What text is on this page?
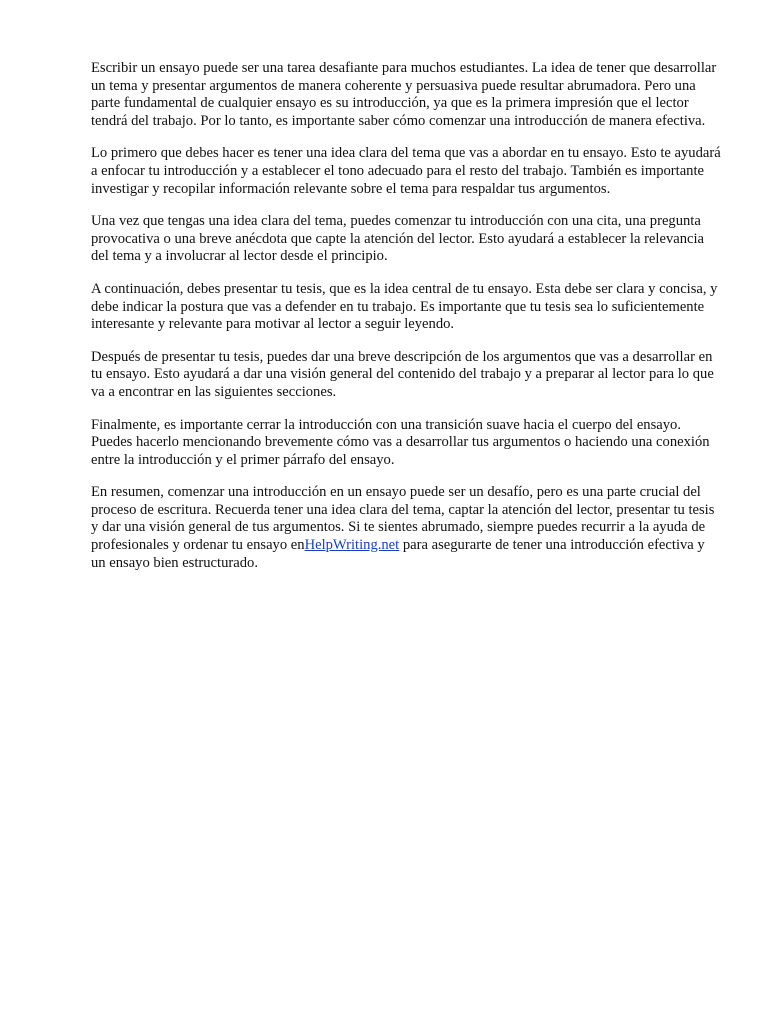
Escribir un ensayo puede ser una tarea desafiante para muchos estudiantes. La idea de tener que desarrollar un tema y presentar argumentos de manera coherente y persuasiva puede resultar abrumadora. Pero una parte fundamental de cualquier ensayo es su introducción, ya que es la primera impresión que el lector tendrá del trabajo. Por lo tanto, es importante saber cómo comenzar una introducción de manera efectiva.

Lo primero que debes hacer es tener una idea clara del tema que vas a abordar en tu ensayo. Esto te ayudará a enfocar tu introducción y a establecer el tono adecuado para el resto del trabajo. También es importante investigar y recopilar información relevante sobre el tema para respaldar tus argumentos.

Una vez que tengas una idea clara del tema, puedes comenzar tu introducción con una cita, una pregunta provocativa o una breve anécdota que capte la atención del lector. Esto ayudará a establecer la relevancia del tema y a involucrar al lector desde el principio.

A continuación, debes presentar tu tesis, que es la idea central de tu ensayo. Esta debe ser clara y concisa, y debe indicar la postura que vas a defender en tu trabajo. Es importante que tu tesis sea lo suficientemente interesante y relevante para motivar al lector a seguir leyendo.

Después de presentar tu tesis, puedes dar una breve descripción de los argumentos que vas a desarrollar en tu ensayo. Esto ayudará a dar una visión general del contenido del trabajo y a preparar al lector para lo que va a encontrar en las siguientes secciones.

Finalmente, es importante cerrar la introducción con una transición suave hacia el cuerpo del ensayo. Puedes hacerlo mencionando brevemente cómo vas a desarrollar tus argumentos o haciendo una conexión entre la introducción y el primer párrafo del ensayo.

En resumen, comenzar una introducción en un ensayo puede ser un desafío, pero es una parte crucial del proceso de escritura. Recuerda tener una idea clara del tema, captar la atención del lector, presentar tu tesis y dar una visión general de tus argumentos. Si te sientes abrumado, siempre puedes recurrir a la ayuda de profesionales y ordenar tu ensayo enHelpWriting.net para asegurarte de tener una introducción efectiva y un ensayo bien estructurado.
